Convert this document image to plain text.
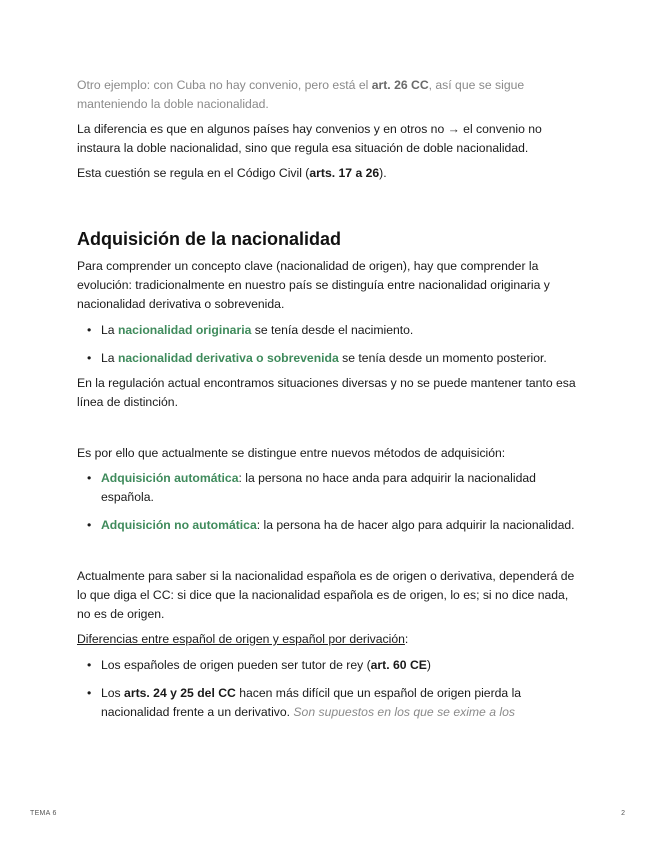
Otro ejemplo: con Cuba no hay convenio, pero está el art. 26 CC, así que se sigue manteniendo la doble nacionalidad.

La diferencia es que en algunos países hay convenios y en otros no → el convenio no instaura la doble nacionalidad, sino que regula esa situación de doble nacionalidad.

Esta cuestión se regula en el Código Civil (arts. 17 a 26).

Adquisición de la nacionalidad

Para comprender un concepto clave (nacionalidad de origen), hay que comprender la evolución: tradicionalmente en nuestro país se distinguía entre nacionalidad originaria y nacionalidad derivativa o sobrevenida.

• La nacionalidad originaria se tenía desde el nacimiento.
• La nacionalidad derivativa o sobrevenida se tenía desde un momento posterior.

En la regulación actual encontramos situaciones diversas y no se puede mantener tanto esa línea de distinción.

Es por ello que actualmente se distingue entre nuevos métodos de adquisición:

• Adquisición automática: la persona no hace anda para adquirir la nacionalidad española.
• Adquisición no automática: la persona ha de hacer algo para adquirir la nacionalidad.

Actualmente para saber si la nacionalidad española es de origen o derivativa, dependerá de lo que diga el CC: si dice que la nacionalidad española es de origen, lo es; si no dice nada, no es de origen.

Diferencias entre español de origen y español por derivación:

• Los españoles de origen pueden ser tutor de rey (art. 60 CE)
• Los arts. 24 y 25 del CC hacen más difícil que un español de origen pierda la nacionalidad frente a un derivativo. Son supuestos en los que se exime a los
TEMA 6	2
